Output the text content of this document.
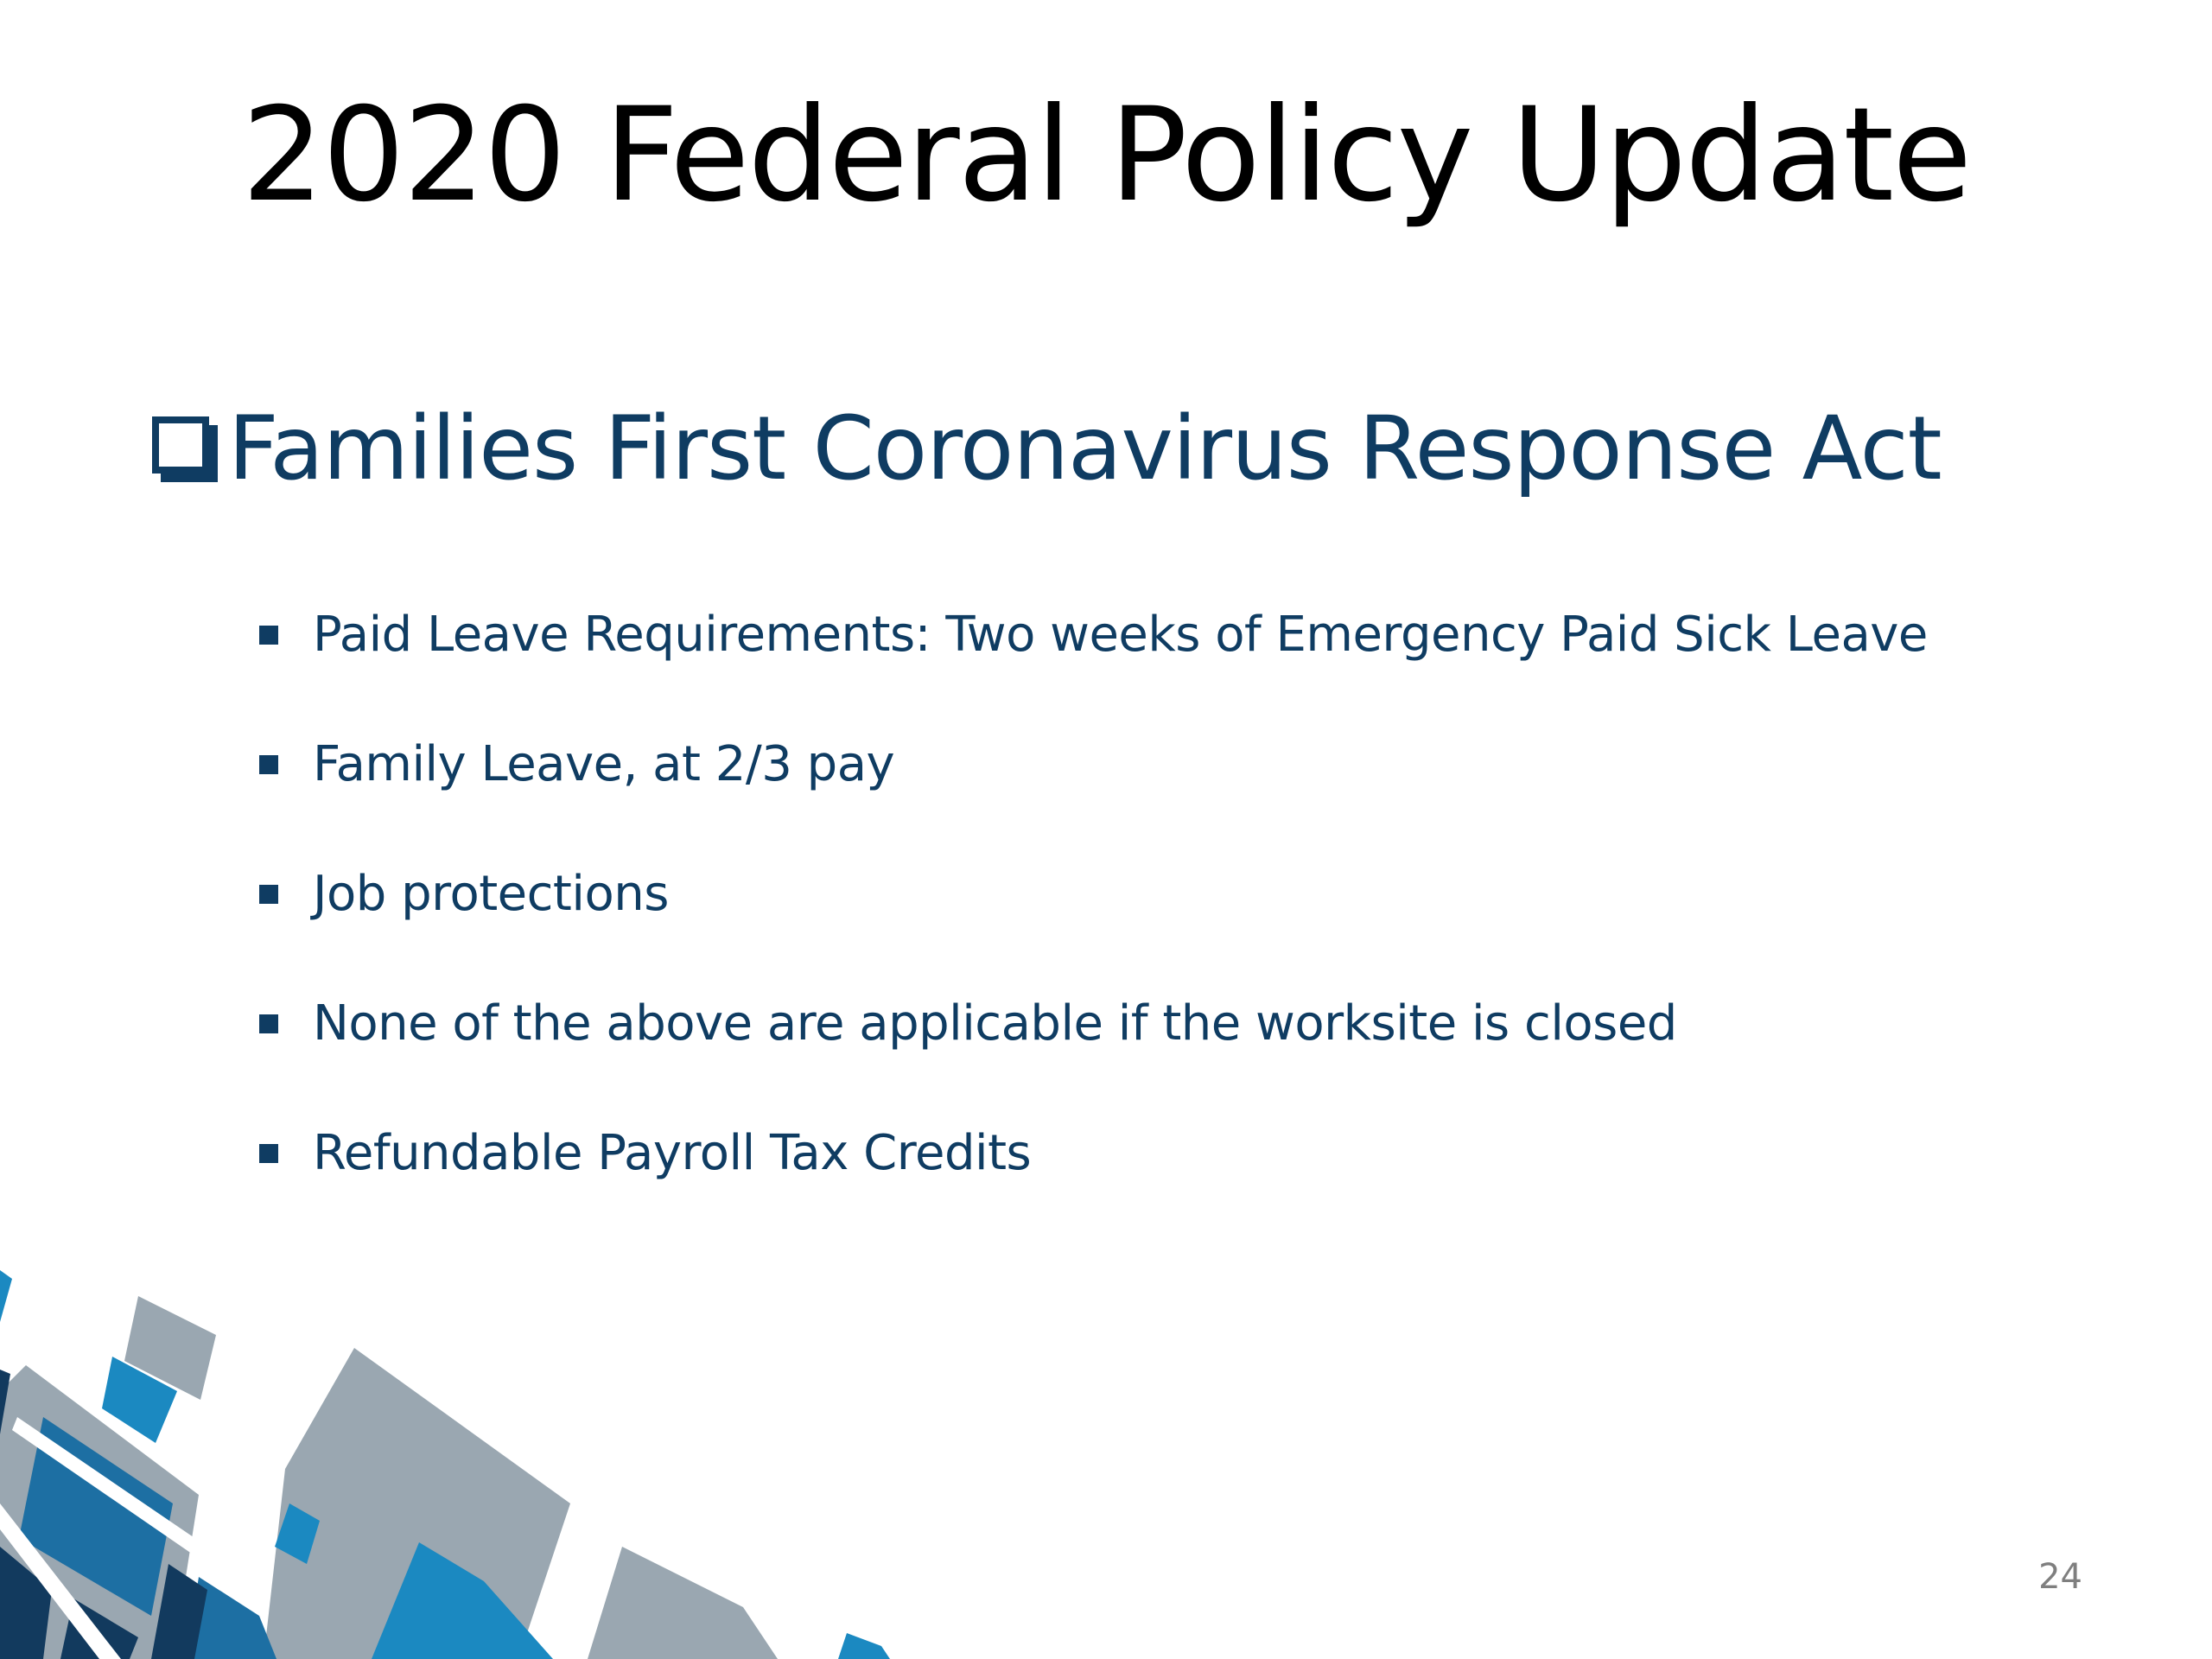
2020 Federal Policy Update
Families First Coronavirus Response Act
Paid Leave Requirements: Two weeks of Emergency Paid Sick Leave
Family Leave, at 2/3 pay
Job protections
None of the above are applicable if the worksite is closed
Refundable Payroll Tax Credits
24
